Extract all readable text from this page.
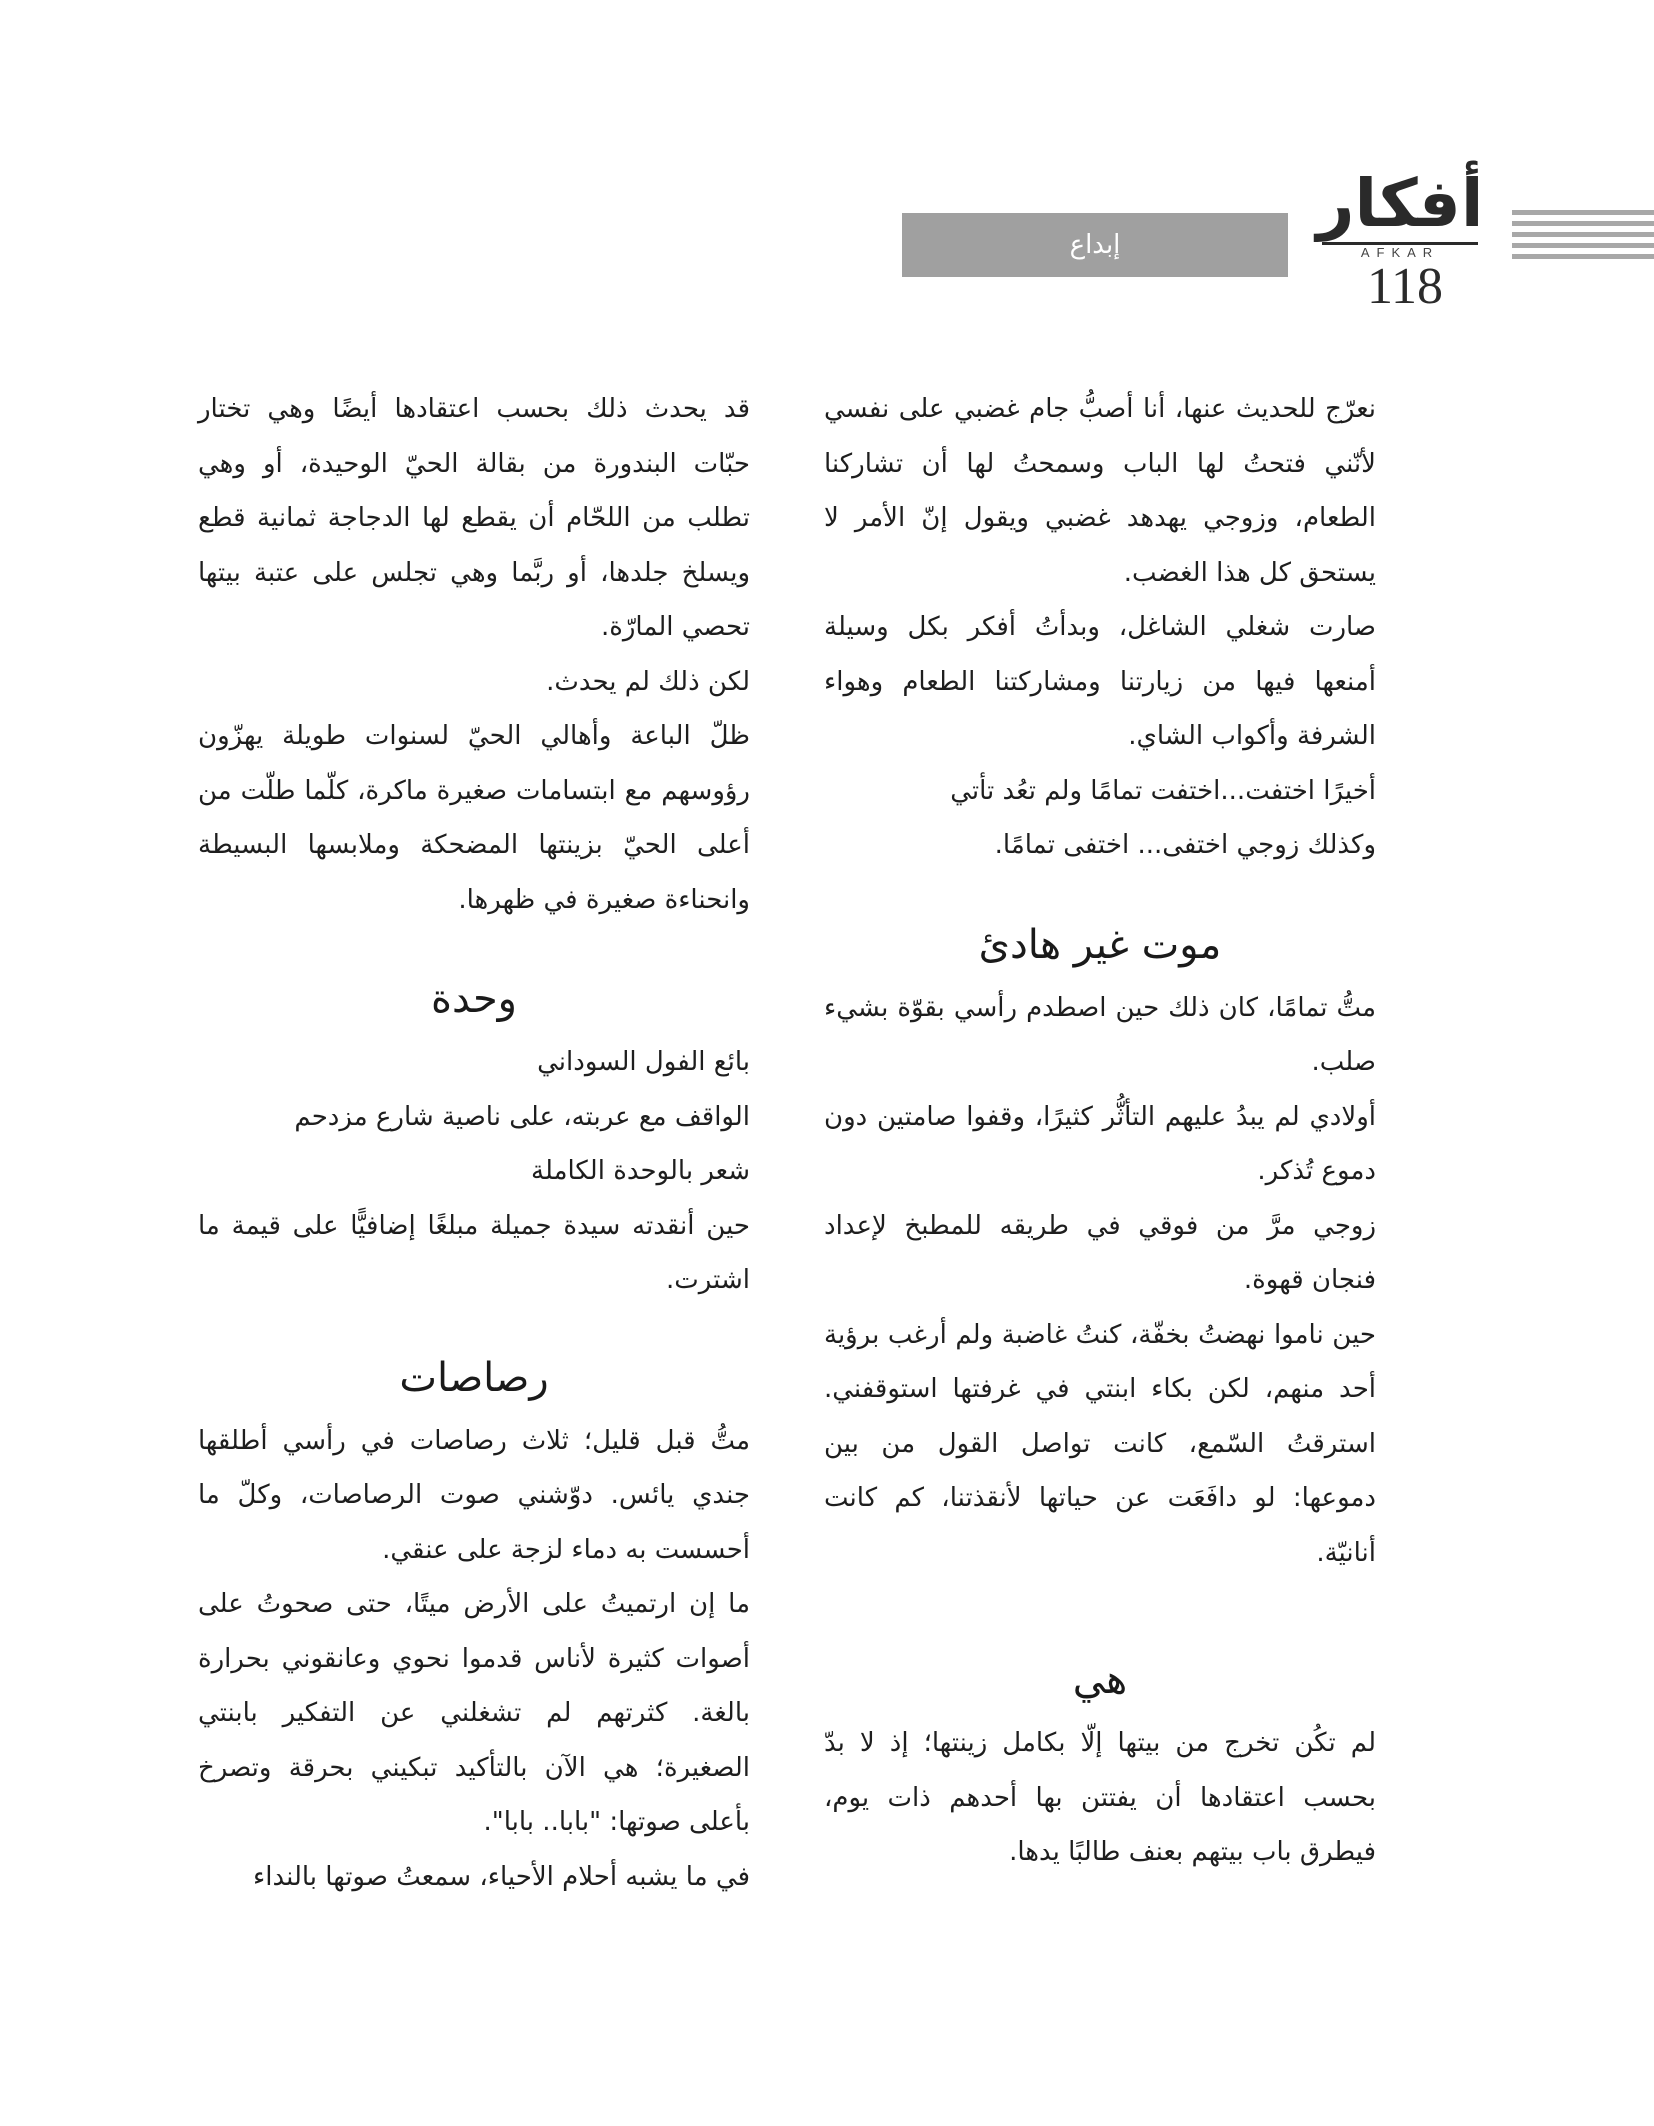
أفكار
AFKAR
118
إبداع

نعرّج للحديث عنها، أنا أصبُّ جام غضبي على نفسي لأنّني فتحتُ لها الباب وسمحتُ لها أن تشاركنا الطعام، وزوجي يهدهد غضبي ويقول إنّ الأمر لا يستحق كل هذا الغضب.

صارت شغلي الشاغل، وبدأتُ أفكر بكل وسيلة أمنعها فيها من زيارتنا ومشاركتنا الطعام وهواء الشرفة وأكواب الشاي.

أخيرًا اختفت...اختفت تمامًا ولم تعُد تأتي

وكذلك زوجي اختفى... اختفى تمامًا.

موت غير هادئ

متُّ تمامًا، كان ذلك حين اصطدم رأسي بقوّة بشيء صلب.

أولادي لم يبدُ عليهم التأثُّر كثيرًا، وقفوا صامتين دون دموع تُذكر.

زوجي مرَّ من فوقي في طريقه للمطبخ لإعداد فنجان قهوة.

حين ناموا نهضتُ بخفّة، كنتُ غاضبة ولم أرغب برؤية أحد منهم، لكن بكاء ابنتي في غرفتها استوقفني. استرقتُ السّمع، كانت تواصل القول من بين دموعها: لو دافَعَت عن حياتها لأنقذتنا، كم كانت أنانيّة.

هي

لم تكُن تخرج من بيتها إلّا بكامل زينتها؛ إذ لا بدّ بحسب اعتقادها أن يفتتن بها أحدهم ذات يوم، فيطرق باب بيتهم بعنف طالبًا يدها.

قد يحدث ذلك بحسب اعتقادها أيضًا وهي تختار حبّات البندورة من بقالة الحيّ الوحيدة، أو وهي تطلب من اللحّام أن يقطع لها الدجاجة ثمانية قطع ويسلخ جلدها، أو ربَّما وهي تجلس على عتبة بيتها تحصي المارّة.

لكن ذلك لم يحدث.

ظلّ الباعة وأهالي الحيّ لسنوات طويلة يهزّون رؤوسهم مع ابتسامات صغيرة ماكرة، كلّما طلّت من أعلى الحيّ بزينتها المضحكة وملابسها البسيطة وانحناءة صغيرة في ظهرها.

وحدة

بائع الفول السوداني

الواقف مع عربته، على ناصية شارع مزدحم

شعر بالوحدة الكاملة

حين أنقدته سيدة جميلة مبلغًا إضافيًّا على قيمة ما اشترت.

رصاصات

متُّ قبل قليل؛ ثلاث رصاصات في رأسي أطلقها جندي يائس. دوّشني صوت الرصاصات، وكلّ ما أحسست به دماء لزجة على عنقي.

ما إن ارتميتُ على الأرض ميتًا، حتى صحوتُ على أصوات كثيرة لأناس قدموا نحوي وعانقوني بحرارة بالغة. كثرتهم لم تشغلني عن التفكير بابنتي الصغيرة؛ هي الآن بالتأكيد تبكيني بحرقة وتصرخ بأعلى صوتها: "بابا.. بابا".

في ما يشبه أحلام الأحياء، سمعتُ صوتها بالنداء
